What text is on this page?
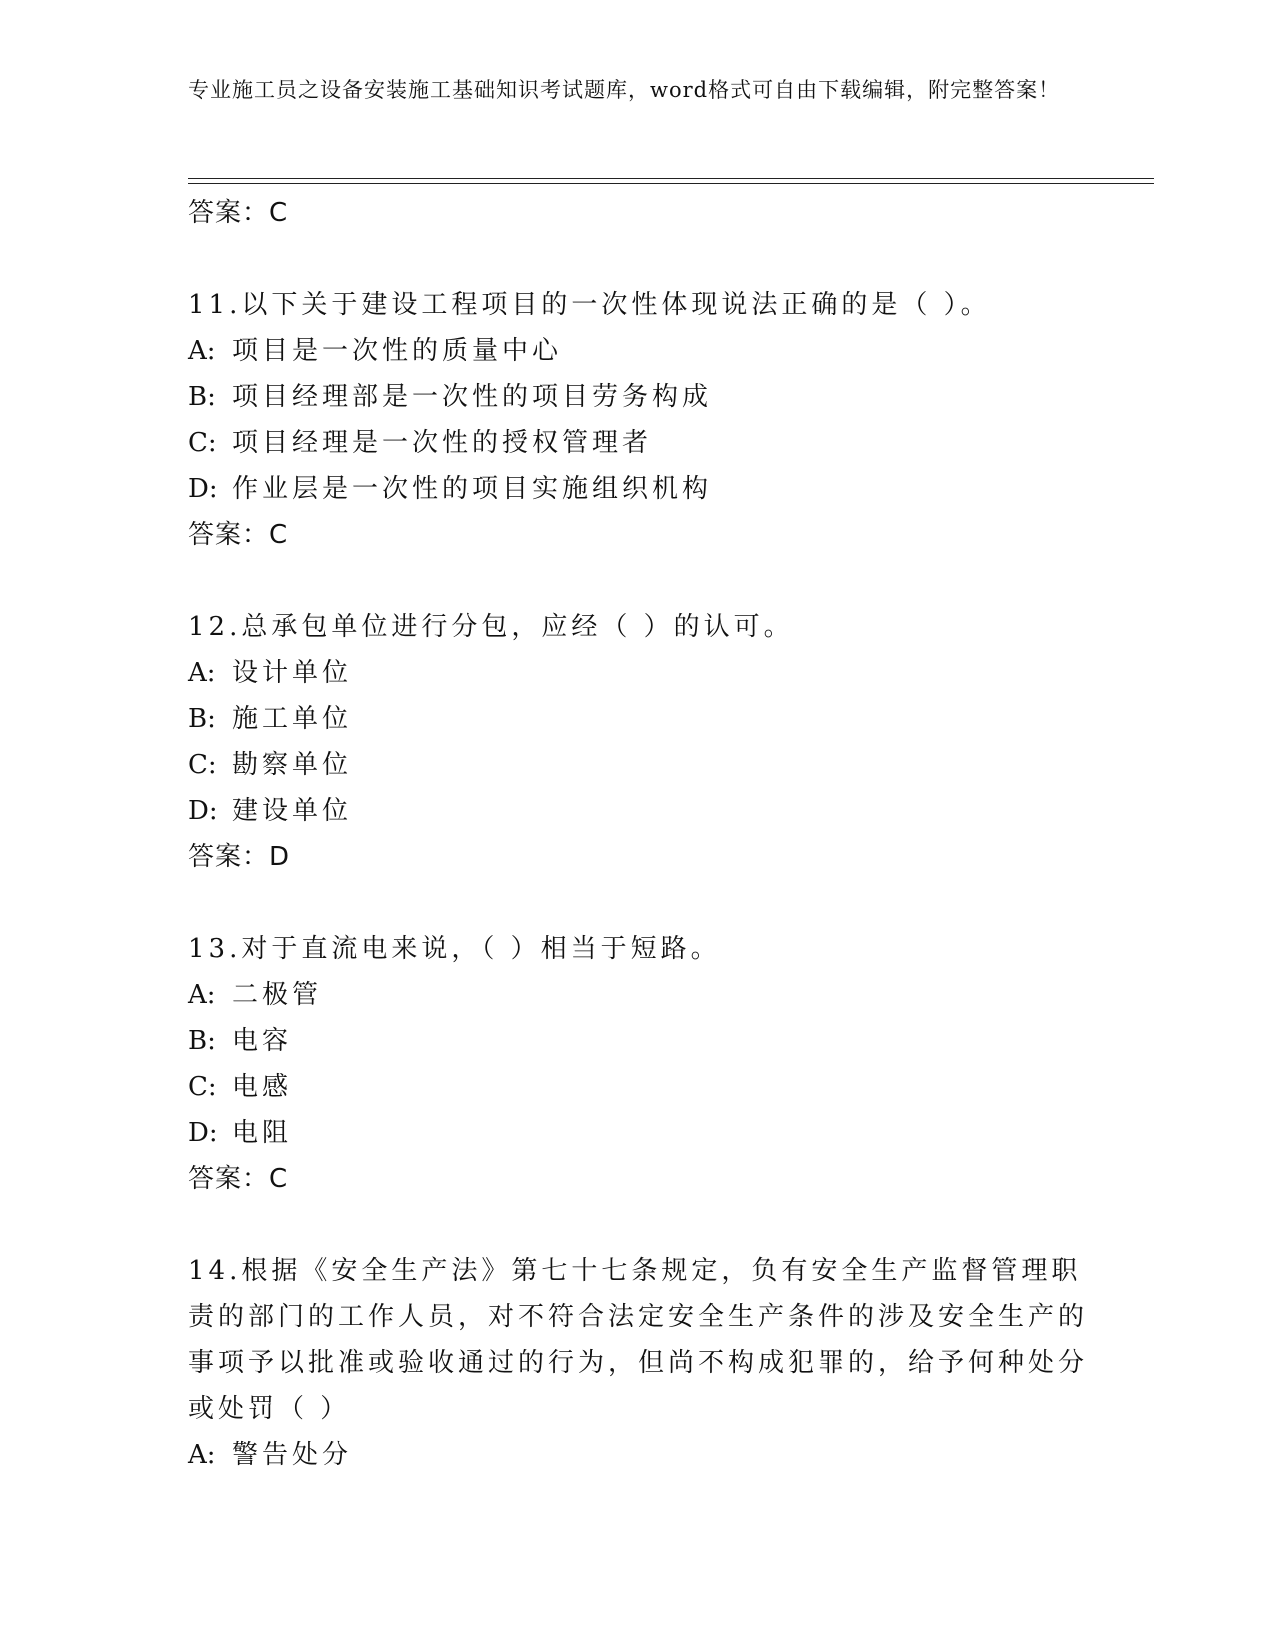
专业施工员之设备安装施工基础知识考试题库，word格式可自由下载编辑，附完整答案！
答案：C

11.以下关于建设工程项目的一次性体现说法正确的是（ ）。

A: 项目是一次性的质量中心
B: 项目经理部是一次性的项目劳务构成
C: 项目经理是一次性的授权管理者
D: 作业层是一次性的项目实施组织机构
答案：C

12.总承包单位进行分包，应经（ ）的认可。

A: 设计单位
B: 施工单位
C: 勘察单位
D: 建设单位
答案：D

13.对于直流电来说，（ ）相当于短路。

A: 二极管
B: 电容
C: 电感
D: 电阻
答案：C

14.根据《安全生产法》第七十七条规定，负有安全生产监督管理职责的部门的工作人员，对不符合法定安全生产条件的涉及安全生产的事项予以批准或验收通过的行为，但尚不构成犯罪的，给予何种处分或处罚（ ）

A: 警告处分
